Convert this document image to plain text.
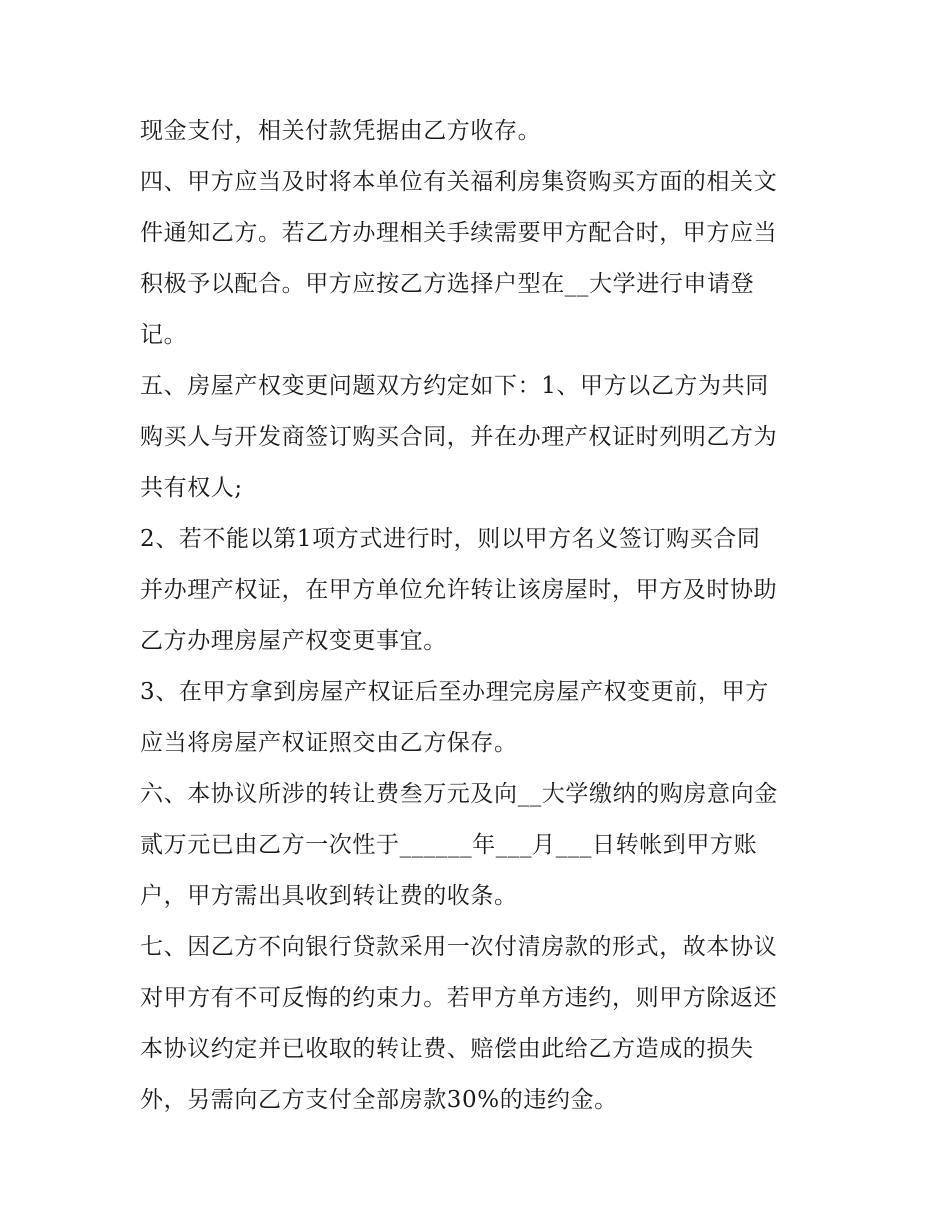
现金支付，相关付款凭据由乙方收存。
四、甲方应当及时将本单位有关福利房集资购买方面的相关文
件通知乙方。若乙方办理相关手续需要甲方配合时，甲方应当
积极予以配合。甲方应按乙方选择户型在__大学进行申请登
记。
五、房屋产权变更问题双方约定如下：1、甲方以乙方为共同
购买人与开发商签订购买合同，并在办理产权证时列明乙方为
共有权人;
2、若不能以第1项方式进行时，则以甲方名义签订购买合同
并办理产权证，在甲方单位允许转让该房屋时，甲方及时协助
乙方办理房屋产权变更事宜。
3、在甲方拿到房屋产权证后至办理完房屋产权变更前，甲方
应当将房屋产权证照交由乙方保存。
六、本协议所涉的转让费叁万元及向__大学缴纳的购房意向金
贰万元已由乙方一次性于______年___月___日转帐到甲方账
户，甲方需出具收到转让费的收条。
七、因乙方不向银行贷款采用一次付清房款的形式，故本协议
对甲方有不可反悔的约束力。若甲方单方违约，则甲方除返还
本协议约定并已收取的转让费、赔偿由此给乙方造成的损失
外，另需向乙方支付全部房款30%的违约金。
